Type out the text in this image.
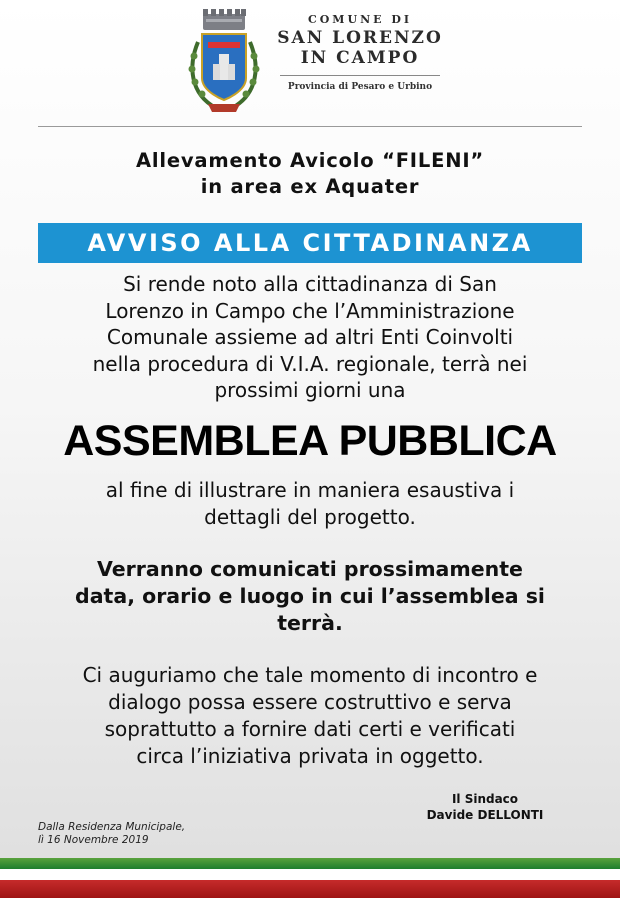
COMUNE DI
SAN LORENZO
IN CAMPO
Provincia di Pesaro e Urbino
Allevamento Avicolo “FILENI”
in area ex Aquater
AVVISO ALLA CITTADINANZA
Si rende noto alla cittadinanza di San
Lorenzo in Campo che l’Amministrazione
Comunale assieme ad altri Enti Coinvolti
nella procedura di V.I.A. regionale, terrà nei
prossimi giorni una
ASSEMBLEA PUBBLICA
al fine di illustrare in maniera esaustiva i
dettagli del progetto.
Verranno comunicati prossimamente
data, orario e luogo in cui l’assemblea si
terrà.
Ci auguriamo che tale momento di incontro e
dialogo possa essere costruttivo e serva
soprattutto a fornire dati certi e verificati
circa l’iniziativa privata in oggetto.
Il Sindaco
Davide DELLONTI
Dalla Residenza Municipale,
lì 16 Novembre 2019
